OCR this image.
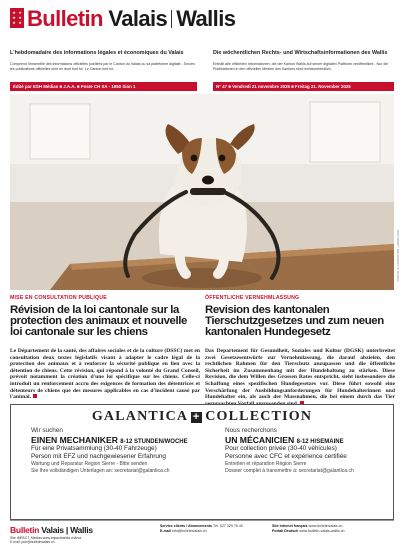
★ ★
★ ★
★ ★ Bulletin Valais Wallis
L'hebdomadaire des informations légales et économiques du Valais	Die wöchentlichen Rechts- und Wirtschaftsinformationen des Wallis
Comprend l'ensemble des informations officielles publiées par le Canton du Valais ou sa plateforme digitale - Seules les publications officielles sont en droit font foi. Le Canton font foi.
Enthält alle offiziellen Informationen, die der Kanton Wallis auf seiner digitalen Plattform veröffentlicht - Nur die Publikationen in den offiziellen Medien des Kantons sind rechtsverbindlich.
Édité par ESH Médias ■ J.A.A. ■ Poste CH SA - 1950 Sion 1	N° 47 ■ Vendredi 21 novembre 2025 ■ Freitag 21. November 2025
PHOTO ILLUSTRATION / UNSPLASH
MISE EN CONSULTATION PUBLIQUE
Révision de la loi cantonale sur la protection des animaux et nouvelle loi cantonale sur les chiens
Le Département de la santé, des affaires sociales et de la culture (DSSC) met en consultation deux textes législatifs visant à adapter le cadre légal de la protection des animaux et à renforcer la sécurité publique en lien avec la détention de chiens. Cette révision, qui répond à la volonté du Grand Conseil, prévoit notamment la création d'une loi spécifique sur les chiens. Celle-ci introduit un renforcement accru des exigences de formation des détentrices et détenteurs de chiens que des mesures applicables en cas d'incident causé par l'animal.
ÖFFENTLICHE VERNEHMLASSUNG
Revision des kantonalen Tierschutzgesetzes und zum neuen kantonalen Hundegesetz
Das Departement für Gesundheit, Soziales und Kultur (DGSK) unterbreitet zwei Gesetzesentwürfe zur Vernehmlassung, die darauf abzielen, den rechtlichen Rahmen für den Tierschutz anzupassen und die öffentliche Sicherheit im Zusammenhang mit der Hundehaltung zu stärken. Diese Revision, die dem Willen des Grossen Rates entspricht, sieht insbesondere die Schaffung eines spezifischen Hundegesetzes vor. Diese führt sowohl eine Verschärfung der Ausbildungsanforderungen für Hundehalterinnen und Hundehalter ein, als auch der Massnahmen, die bei einem durch das Tier verursachten Vorfall anzuwenden sind.
GALANTICA + COLLECTION
Wir suchen
EINEN MECHANIKER 8-12 STUNDEN/WOCHE
Für eine Privatsammlung (30-40 Fahrzeuge)
Person mit EFZ und nachgewiesener Erfahrung
Wartung und Reparatur Region Sierre - Bitte senden
Sie Ihre vollständigen Unterlagen an: secretariat@galantica.ch
Nous recherchons
UN MÉCANICIEN 8-12 H/SEMAINE
Pour collection privée (30-40 véhicules)
Personne avec CFC et expérience certifiée
Entretien et réparation Région Sierre
Dossier complet à transmettre à: secretariat@galantica.ch
Bulletin Valais | Wallis
Site IMPACT, Médias www.impactmedia.ch/bva
E-mail: pub@bulletinvalais.ch
Service clients / Abonnements Tél. 027 329 76 40
E-mail info@bulletinvalais.ch
Site Internet français www.bulletinvalais.ch
Portail Deutsch www.bulletin-valais-wallis.ch
